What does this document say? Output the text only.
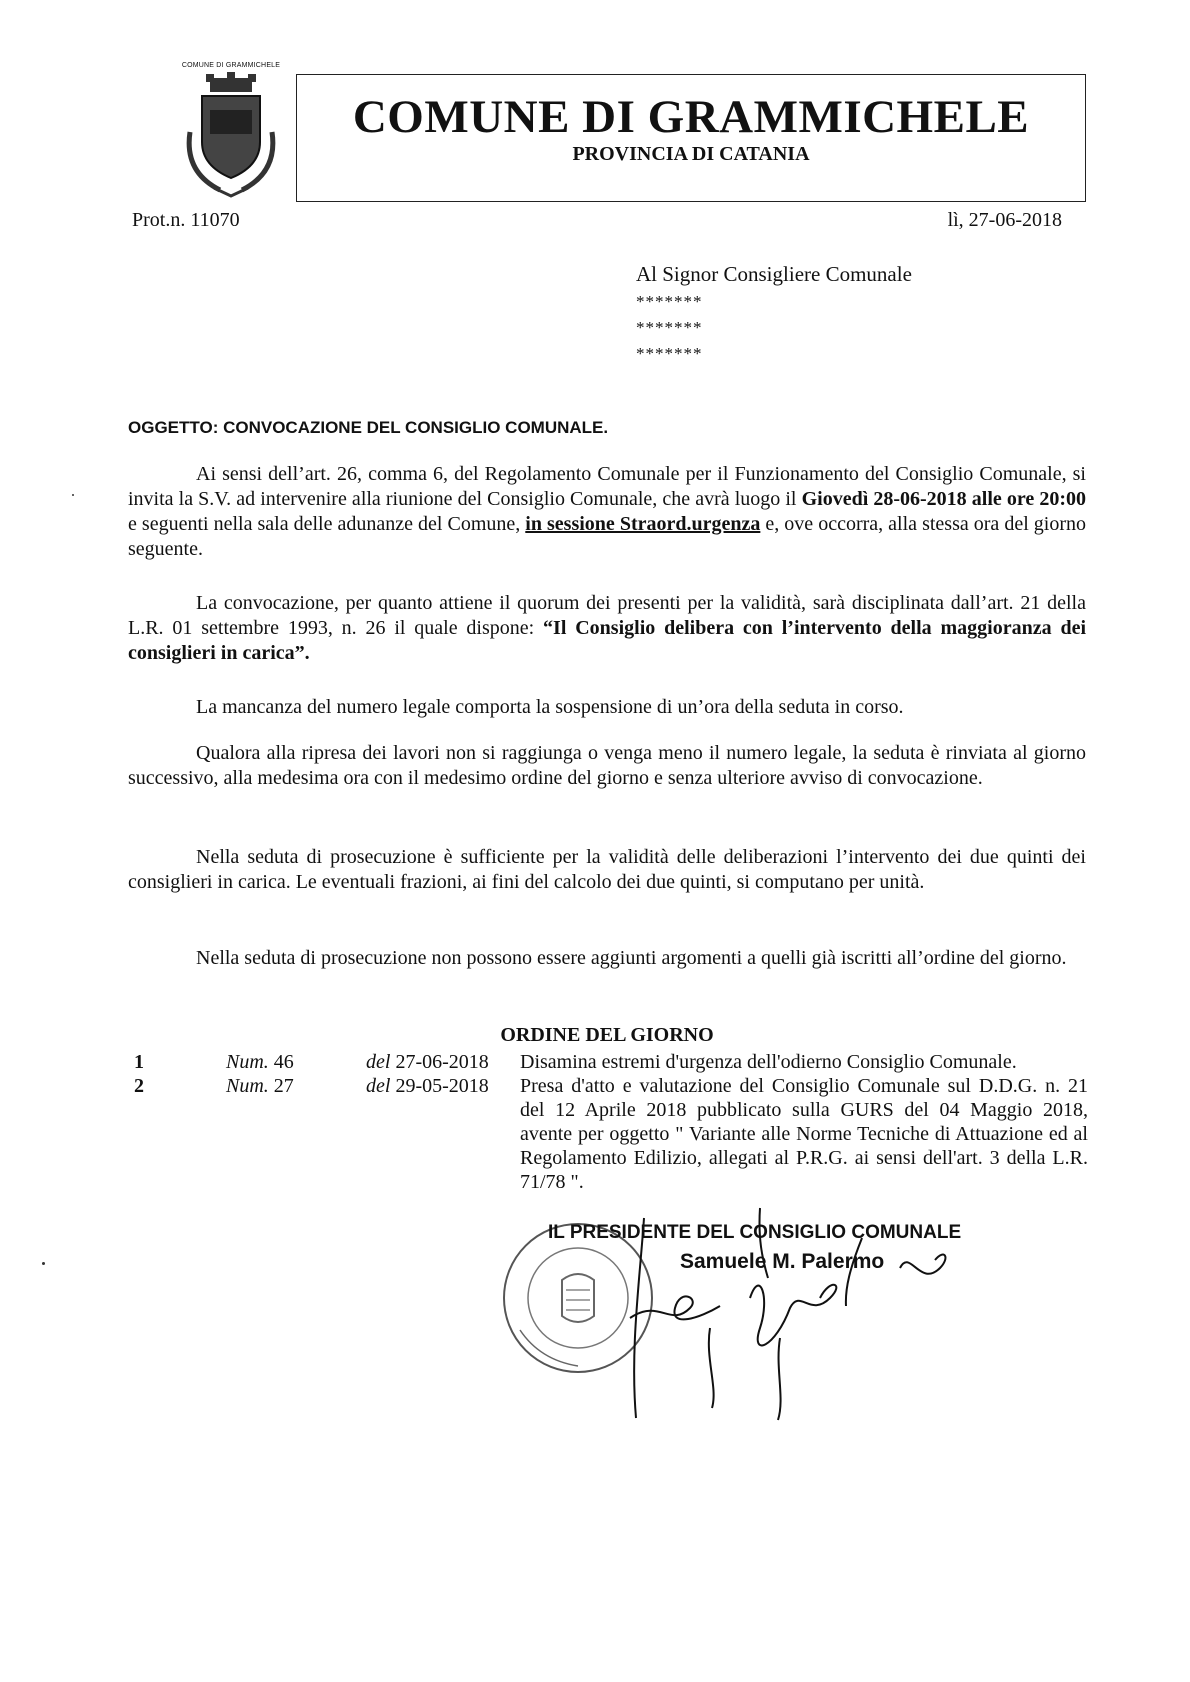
COMUNE DI GRAMMICHELE
COMUNE DI GRAMMICHELE
PROVINCIA DI CATANIA
Prot.n. 11070	lì, 27-06-2018
Al Signor Consigliere Comunale
*******
*******
*******
OGGETTO: CONVOCAZIONE DEL CONSIGLIO COMUNALE.
Ai sensi dell’art. 26, comma 6, del Regolamento Comunale per il Funzionamento del Consiglio Comunale, si invita la S.V. ad intervenire alla riunione del Consiglio Comunale, che avrà luogo il Giovedì 28-06-2018 alle ore 20:00 e seguenti nella sala delle adunanze del Comune, in sessione Straord.urgenza e, ove occorra, alla stessa ora del giorno seguente.
La convocazione, per quanto attiene il quorum dei presenti per la validità, sarà disciplinata dall’art. 21 della L.R. 01 settembre 1993, n. 26 il quale dispone: “Il Consiglio delibera con l’intervento della maggioranza dei consiglieri in carica”.
La mancanza del numero legale comporta la sospensione di un’ora della seduta in corso.
Qualora alla ripresa dei lavori non si raggiunga o venga meno il numero legale, la seduta è rinviata al giorno successivo, alla medesima ora con il medesimo ordine del giorno e senza ulteriore avviso di convocazione.
Nella seduta di prosecuzione è sufficiente per la validità delle deliberazioni l’intervento dei due quinti dei consiglieri in carica. Le eventuali frazioni, ai fini del calcolo dei due quinti, si computano per unità.
Nella seduta di prosecuzione non possono essere aggiunti argomenti a quelli già iscritti all’ordine del giorno.
ORDINE DEL GIORNO
1	Num. 46	del 27-06-2018 Disamina estremi d'urgenza dell'odierno Consiglio Comunale.
2	Num. 27	del 29-05-2018 Presa d'atto e valutazione del Consiglio Comunale sul D.D.G. n. 21 del 12 Aprile 2018 pubblicato sulla GURS del 04 Maggio 2018, avente per oggetto " Variante alle Norme Tecniche di Attuazione ed al Regolamento Edilizio, allegati al P.R.G. ai sensi dell'art. 3 della L.R. 71/78 ".
IL PRESIDENTE DEL CONSIGLIO COMUNALE
Samuele M. Palermo
